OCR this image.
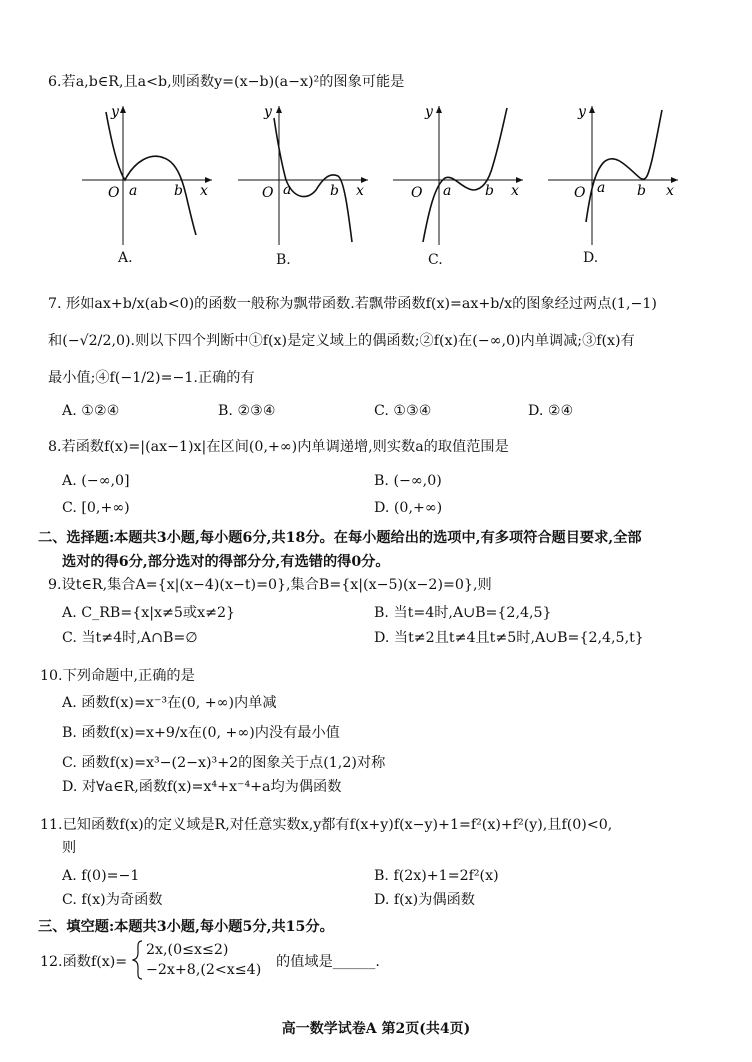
6.若a,b∈R,且a<b,则函数y=(x−b)(a−x)²的图象可能是
y
x
O a	b
A.
y
x
O a	b
B.
y
x
O a b
C.
y
x
O a b
D.
7. 形如ax+b/x(ab<0)的函数一般称为飘带函数.若飘带函数f(x)=ax+b/x的图象经过两点(1,−1)
和(−√2/2,0).则以下四个判断中①f(x)是定义域上的偶函数;②f(x)在(−∞,0)内单调减;③f(x)有
最小值;④f(−1/2)=−1.正确的有
A. ①②④	B. ②③④	C. ①③④	D. ②④
8.若函数f(x)=|(ax−1)x|在区间(0,+∞)内单调递增,则实数a的取值范围是
A. (−∞,0]	B. (−∞,0)
C. [0,+∞)	D. (0,+∞)
二、选择题:本题共3小题,每小题6分,共18分。在每小题给出的选项中,有多项符合题目要求,全部
选对的得6分,部分选对的得部分分,有选错的得0分。
9.设t∈R,集合A={x|(x−4)(x−t)=0},集合B={x|(x−5)(x−2)=0},则
A. C_RB={x|x≠5或x≠2}	B. 当t=4时,A∪B={2,4,5}
C. 当t≠4时,A∩B=∅	D. 当t≠2且t≠4且t≠5时,A∪B={2,4,5,t}
10.下列命题中,正确的是
A. 函数f(x)=x⁻³在(0, +∞)内单减
B. 函数f(x)=x+9/x在(0, +∞)内没有最小值
C. 函数f(x)=x³−(2−x)³+2的图象关于点(1,2)对称
D. 对∀a∈R,函数f(x)=x⁴+x⁻⁴+a均为偶函数
11.已知函数f(x)的定义域是R,对任意实数x,y都有f(x+y)f(x−y)+1=f²(x)+f²(y),且f(0)<0,
则
A. f(0)=−1	B. f(2x)+1=2f²(x)
C. f(x)为奇函数	D. f(x)为偶函数
三、填空题:本题共3小题,每小题5分,共15分。
12.函数f(x)=
2x,(0≤x≤2)
−2x+8,(2<x≤4) 的值域是______.
高一数学试卷A 第2页(共4页)
